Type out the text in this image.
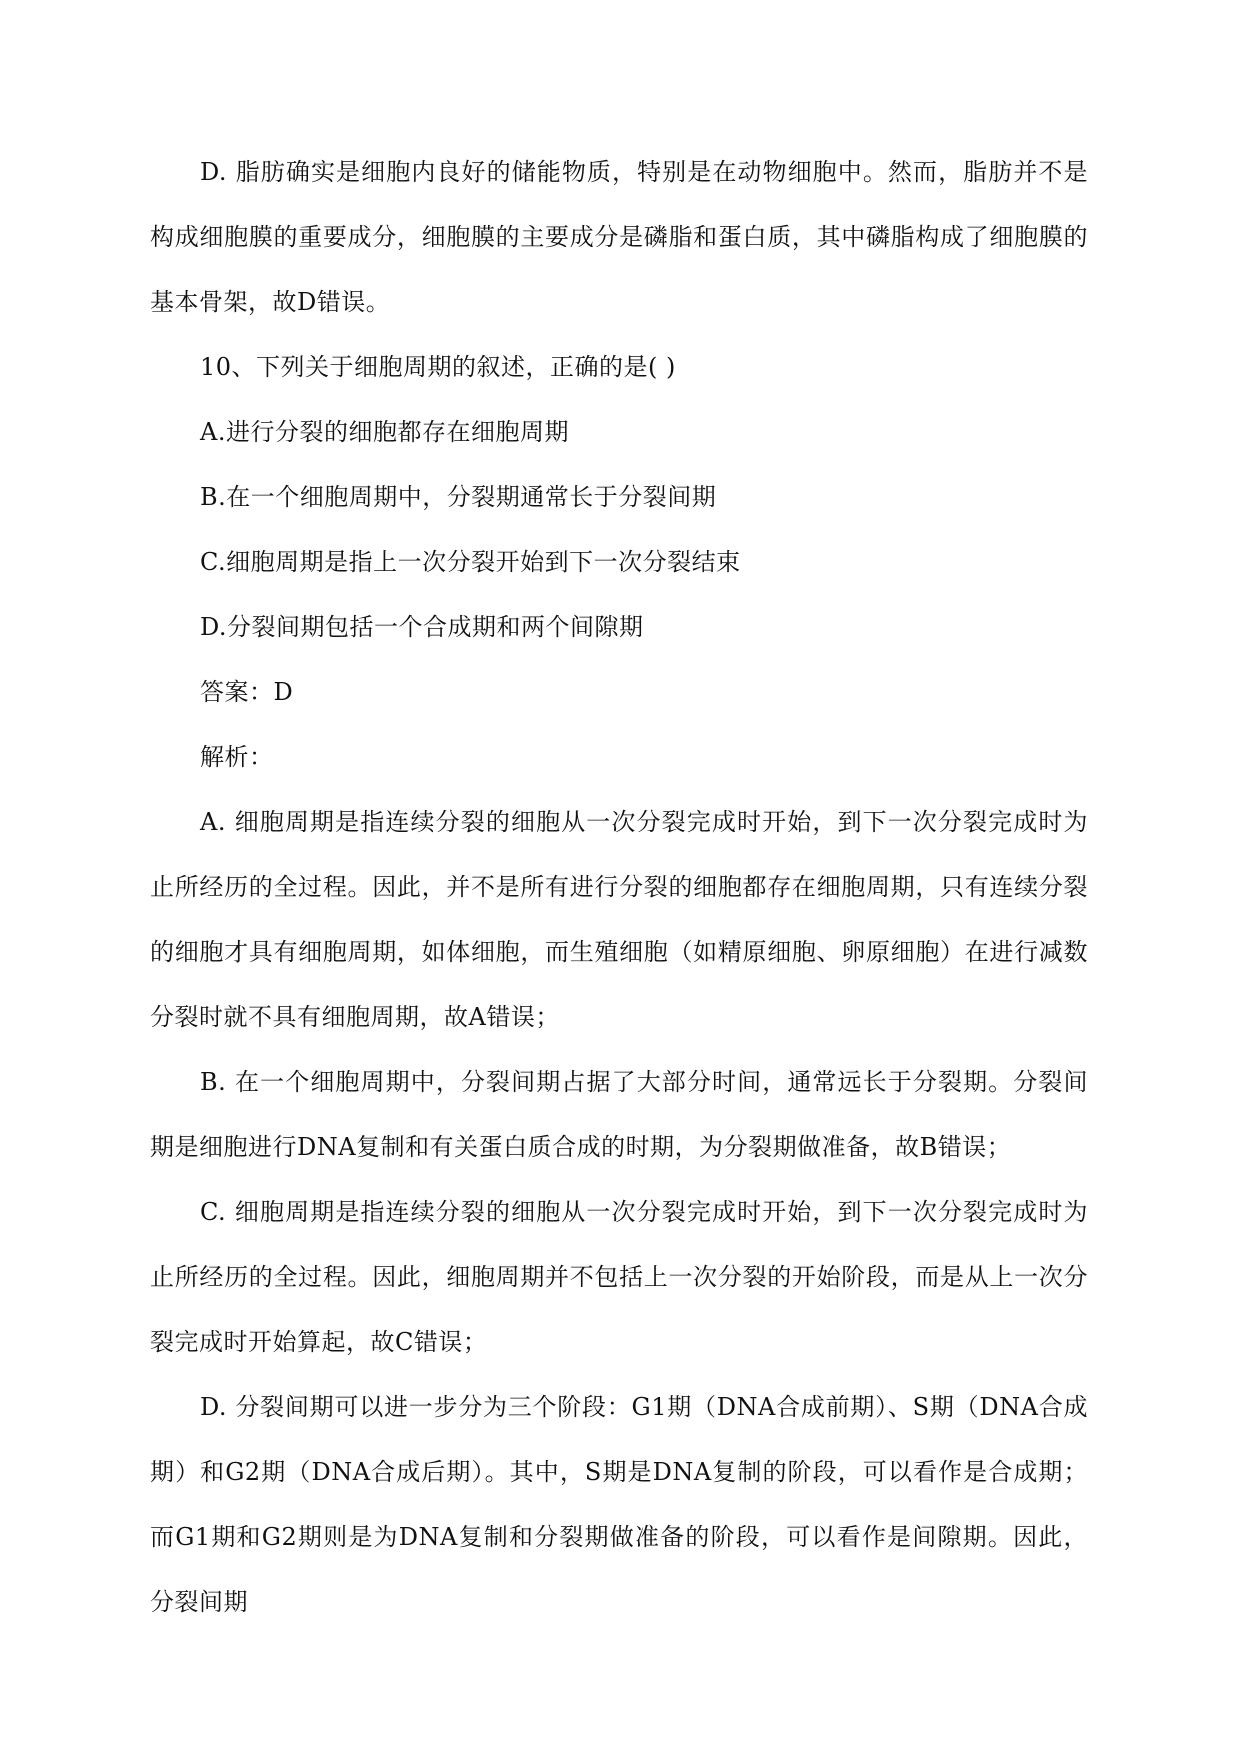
D. 脂肪确实是细胞内良好的储能物质，特别是在动物细胞中。然而，脂肪并不是构成细胞膜的重要成分，细胞膜的主要成分是磷脂和蛋白质，其中磷脂构成了细胞膜的基本骨架，故D错误。

10、下列关于细胞周期的叙述，正确的是( )

A.进行分裂的细胞都存在细胞周期

B.在一个细胞周期中，分裂期通常长于分裂间期

C.细胞周期是指上一次分裂开始到下一次分裂结束

D.分裂间期包括一个合成期和两个间隙期

答案：D

解析：

A. 细胞周期是指连续分裂的细胞从一次分裂完成时开始，到下一次分裂完成时为止所经历的全过程。因此，并不是所有进行分裂的细胞都存在细胞周期，只有连续分裂的细胞才具有细胞周期，如体细胞，而生殖细胞（如精原细胞、卵原细胞）在进行减数分裂时就不具有细胞周期，故A错误；

B. 在一个细胞周期中，分裂间期占据了大部分时间，通常远长于分裂期。分裂间期是细胞进行DNA复制和有关蛋白质合成的时期，为分裂期做准备，故B错误；

C. 细胞周期是指连续分裂的细胞从一次分裂完成时开始，到下一次分裂完成时为止所经历的全过程。因此，细胞周期并不包括上一次分裂的开始阶段，而是从上一次分裂完成时开始算起，故C错误；

D. 分裂间期可以进一步分为三个阶段：G1期（DNA合成前期）、S期（DNA合成期）和G2期（DNA合成后期）。其中，S期是DNA复制的阶段，可以看作是合成期；而G1期和G2期则是为DNA复制和分裂期做准备的阶段，可以看作是间隙期。因此，分裂间期
